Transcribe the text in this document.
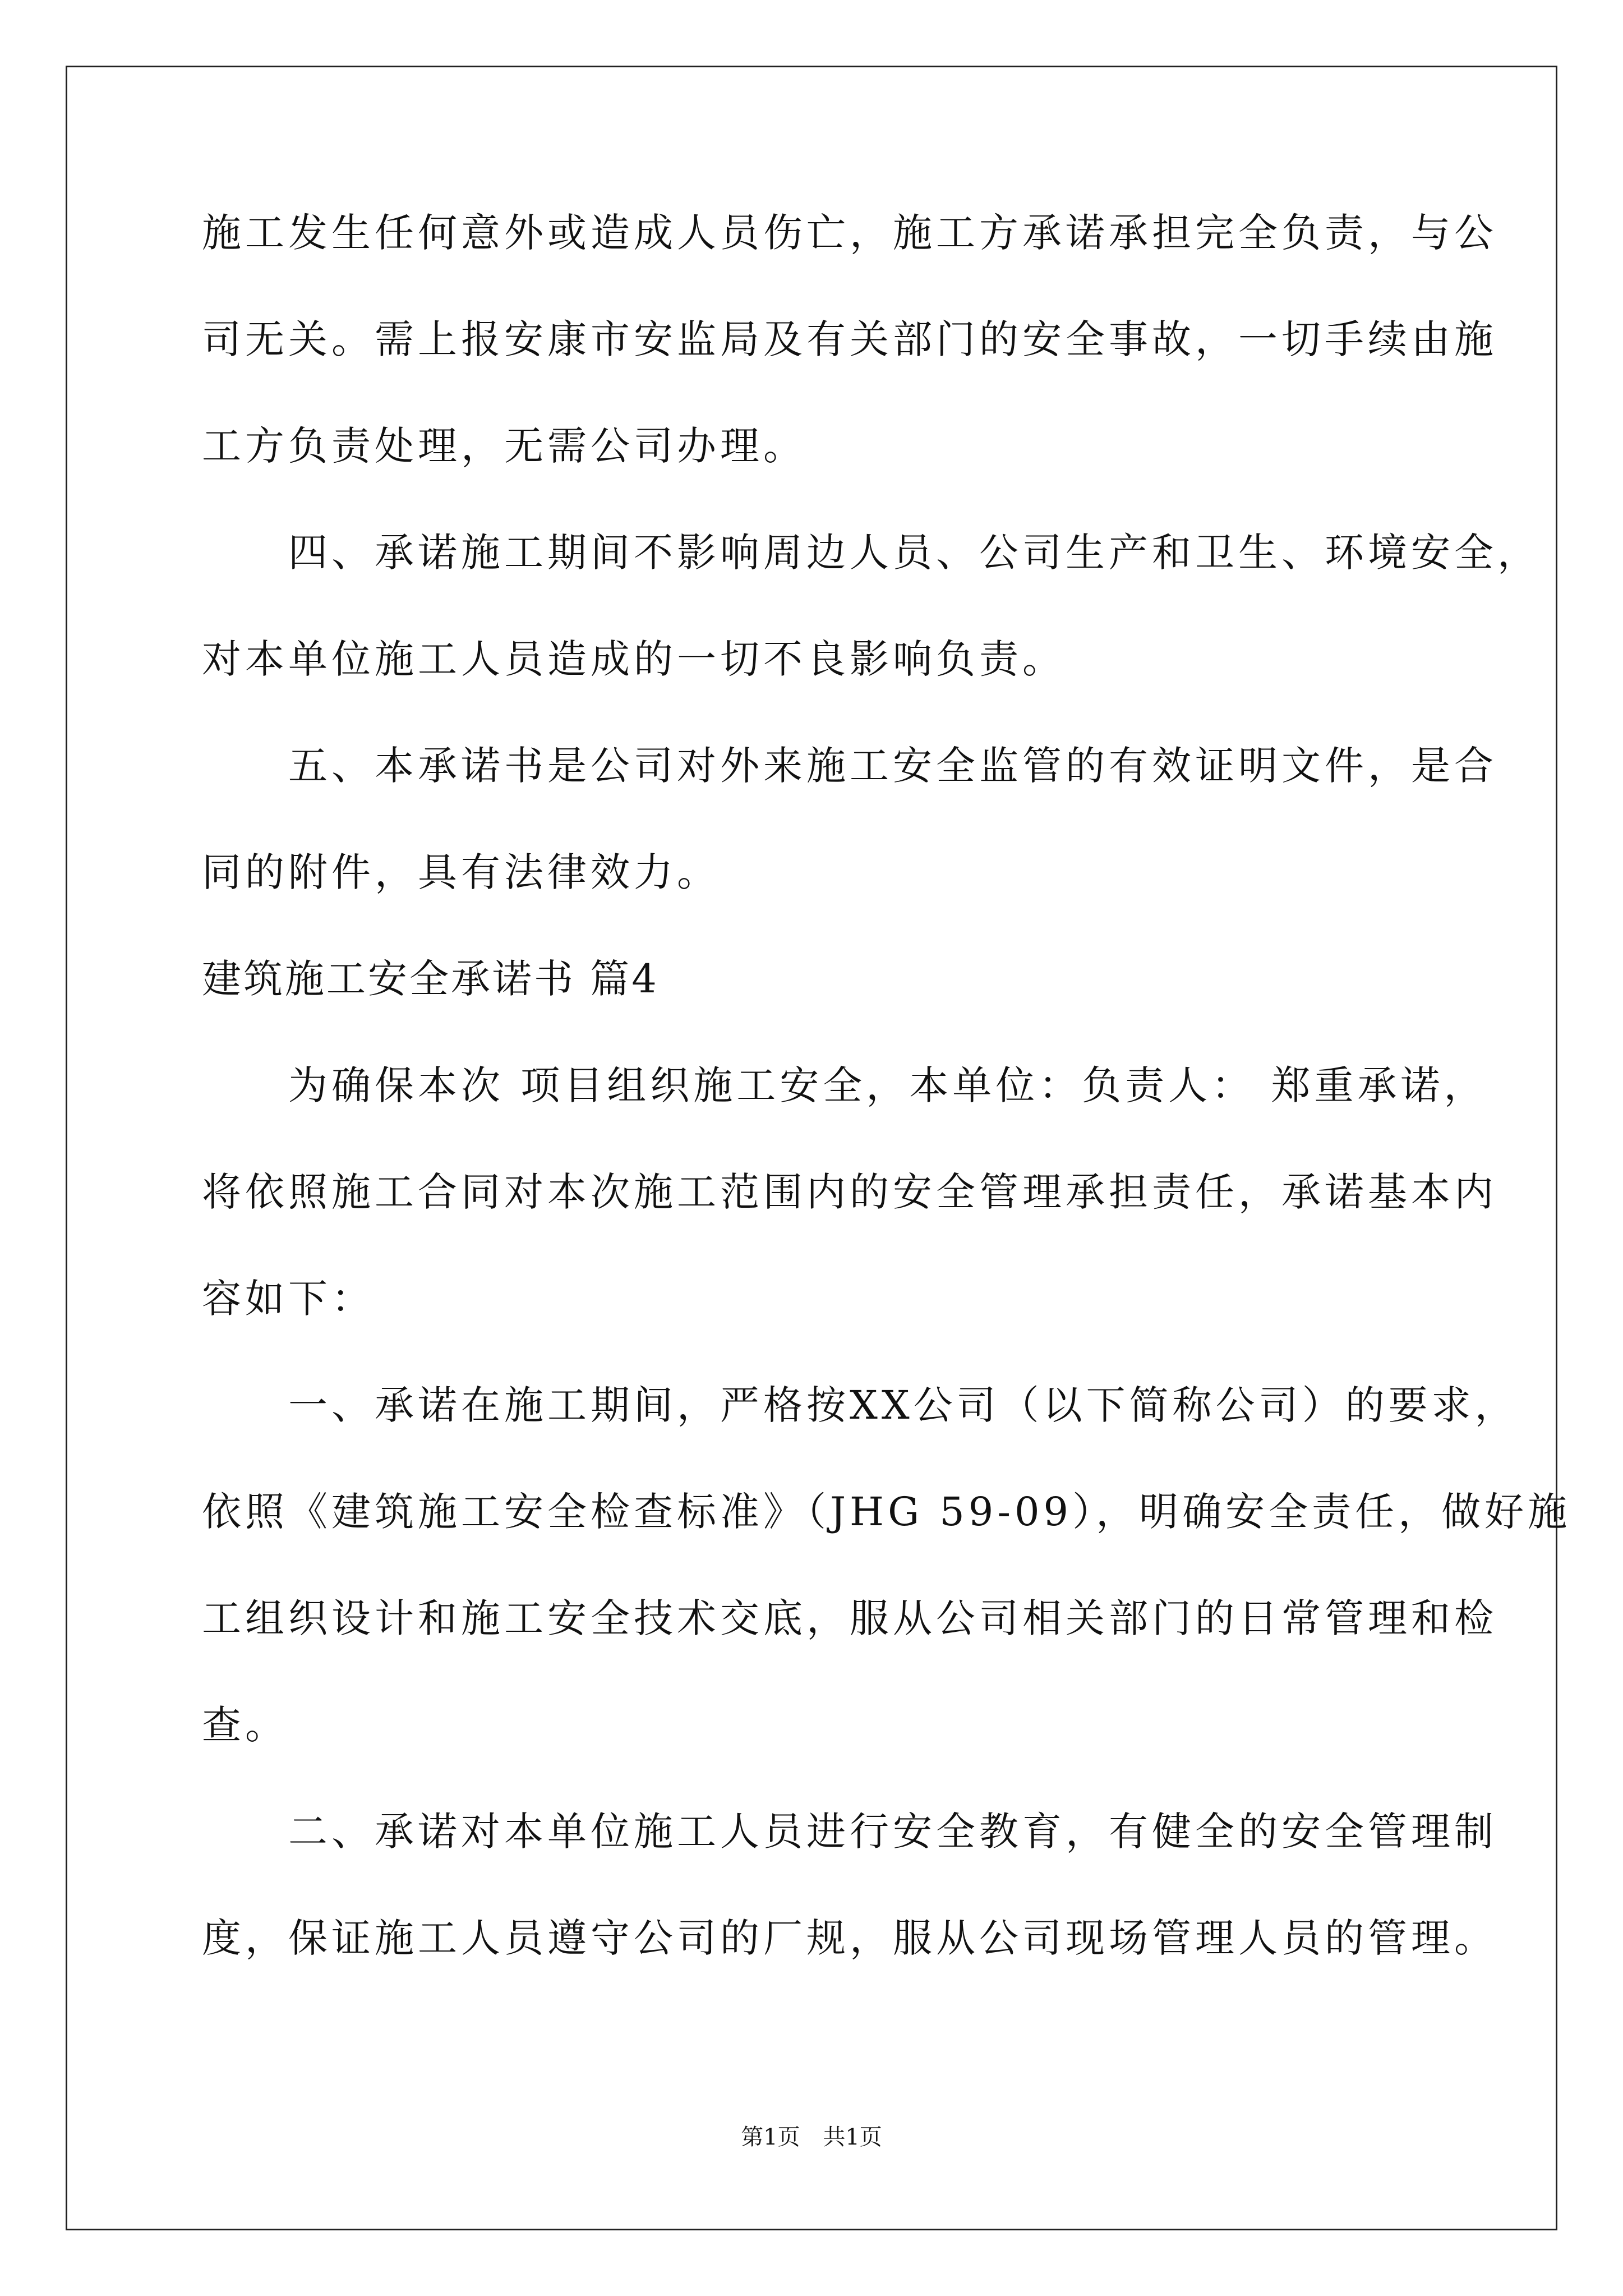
施工发生任何意外或造成人员伤亡，施工方承诺承担完全负责，与公
司无关。需上报安康市安监局及有关部门的安全事故，一切手续由施
工方负责处理，无需公司办理。
　　四、承诺施工期间不影响周边人员、公司生产和卫生、环境安全，
对本单位施工人员造成的一切不良影响负责。
　　五、本承诺书是公司对外来施工安全监管的有效证明文件，是合
同的附件，具有法律效力。
建筑施工安全承诺书 篇4
　　为确保本次 项目组织施工安全，本单位：负责人： 郑重承诺，
将依照施工合同对本次施工范围内的安全管理承担责任，承诺基本内
容如下：
　　一、承诺在施工期间，严格按XX公司（以下简称公司）的要求，
依照《建筑施工安全检查标准》（JHG 59-09），明确安全责任，做好施
工组织设计和施工安全技术交底，服从公司相关部门的日常管理和检
查。
　　二、承诺对本单位施工人员进行安全教育，有健全的安全管理制
度，保证施工人员遵守公司的厂规，服从公司现场管理人员的管理。
第1页 共1页
